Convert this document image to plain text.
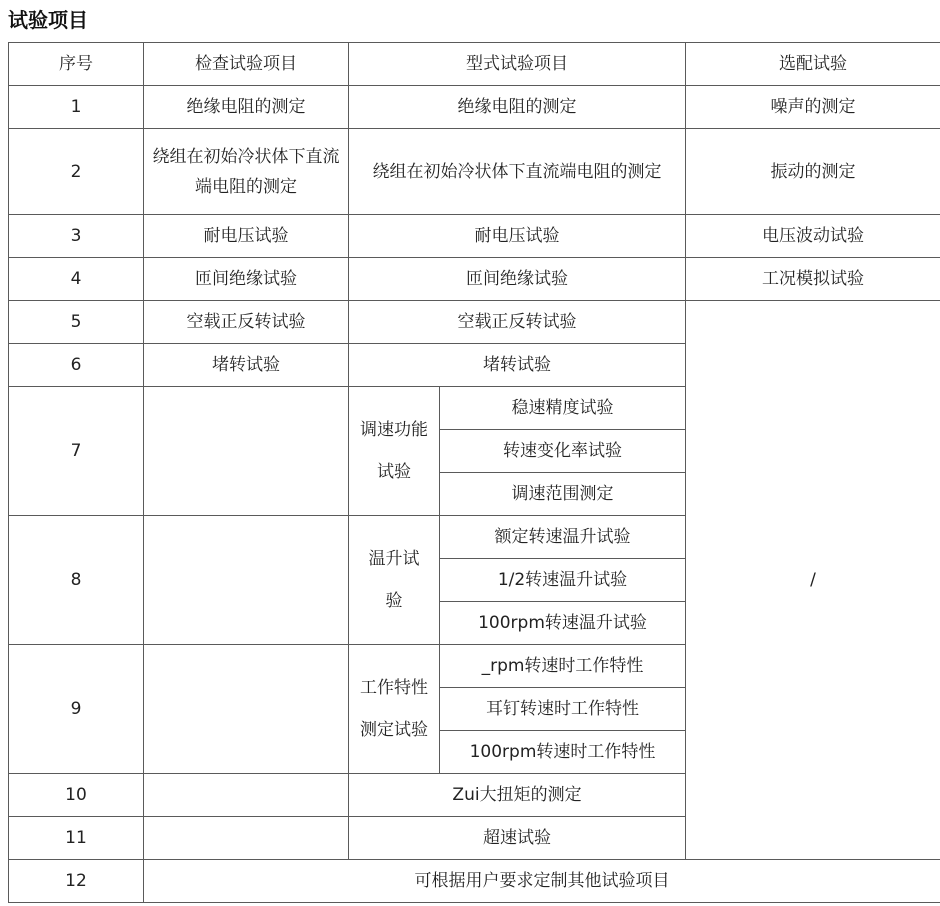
试验项目
序号	检查试验项目	型式试验项目		选配试验
1	绝缘电阻的测定	绝缘电阻的测定		噪声的测定
2	绕组在初始冷状体下直流端电阻的测定	绕组在初始冷状体下直流端电阻的测定		振动的测定
3	耐电压试验	耐电压试验		电压波动试验
4	匝间绝缘试验	匝间绝缘试验		工况模拟试验
5	空载正反转试验	空载正反转试验		/
6	堵转试验	堵转试验		
7		调速功能试验	稳速精度试验	
			转速变化率试验	
			调速范围测定	
8		温升试验	额定转速温升试验	
			1/2转速温升试验	
			100rpm转速温升试验	
9		工作特性测定试验	_rpm转速时工作特性	
			耳钉转速时工作特性	
			100rpm转速时工作特性	
10		Zui大扭矩的测定		
11		超速试验		
12	可根据用户要求定制其他试验项目			
